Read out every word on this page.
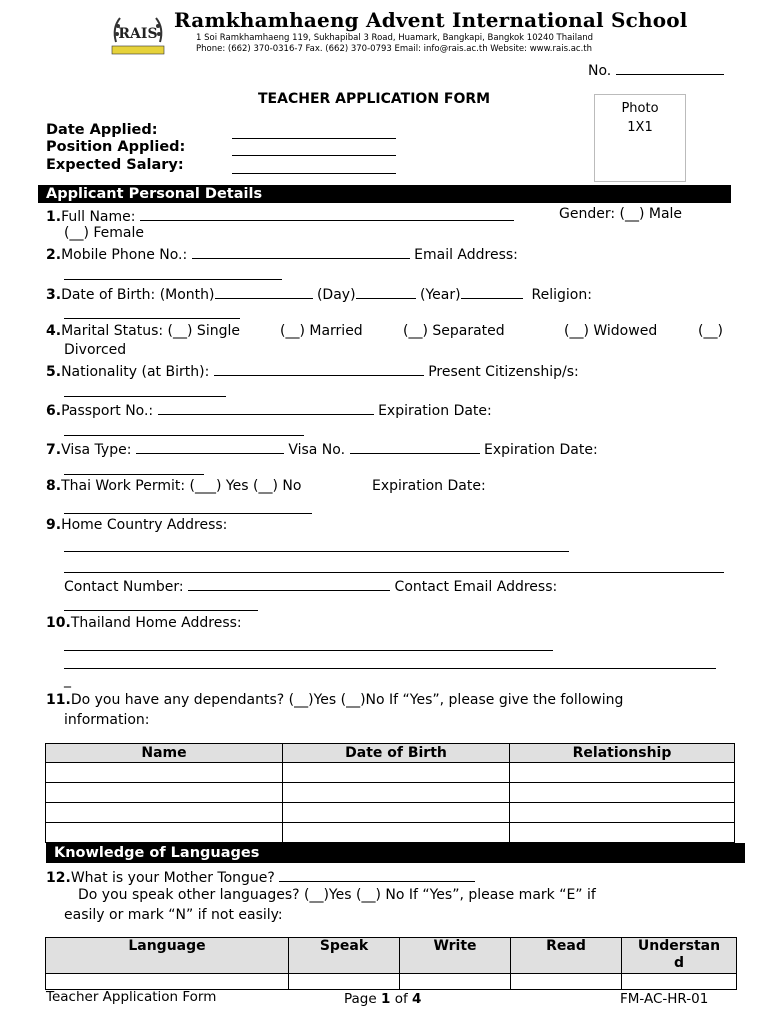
RAIS
Ramkhamhaeng Advent International School
1 Soi Ramkhamhaeng 119, Sukhapibal 3 Road, Huamark, Bangkapi, Bangkok 10240 Thailand
Phone: (662) 370-0316-7 Fax. (662) 370-0793 Email: info@rais.ac.th Website: www.rais.ac.th
No.
TEACHER APPLICATION FORM
Photo
1X1
Date Applied:
Position Applied:
Expected Salary:
Applicant Personal Details
1.Full Name:	Gender: (__) Male
(__) Female
2.Mobile Phone No.:	Email Address:
3.Date of Birth: (Month)	(Day)	(Year)	Religion:
4.Marital Status: (__) Single	(__) Married	(__) Separated	(__) Widowed	(__)
Divorced
5.Nationality (at Birth):	Present Citizenship/s:
6.Passport No.:	Expiration Date:
7.Visa Type:	Visa No.	Expiration Date:
8.Thai Work Permit: (___) Yes (__) No	Expiration Date:
9.Home Country Address:
Contact Number:	Contact Email Address:
10.Thailand Home Address:
_
11.Do you have any dependants? (__)Yes (__)No If “Yes”, please give the following
information:
Name	Date of Birth	Relationship

Knowledge of Languages
12.What is your Mother Tongue?
Do you speak other languages? (__)Yes (__) No If “Yes”, please mark “E” if
easily or mark “N” if not easily:
Language	Speak	Write	Read	Understan
d

Teacher Application Form	Page 1 of 4	FM-AC-HR-01
